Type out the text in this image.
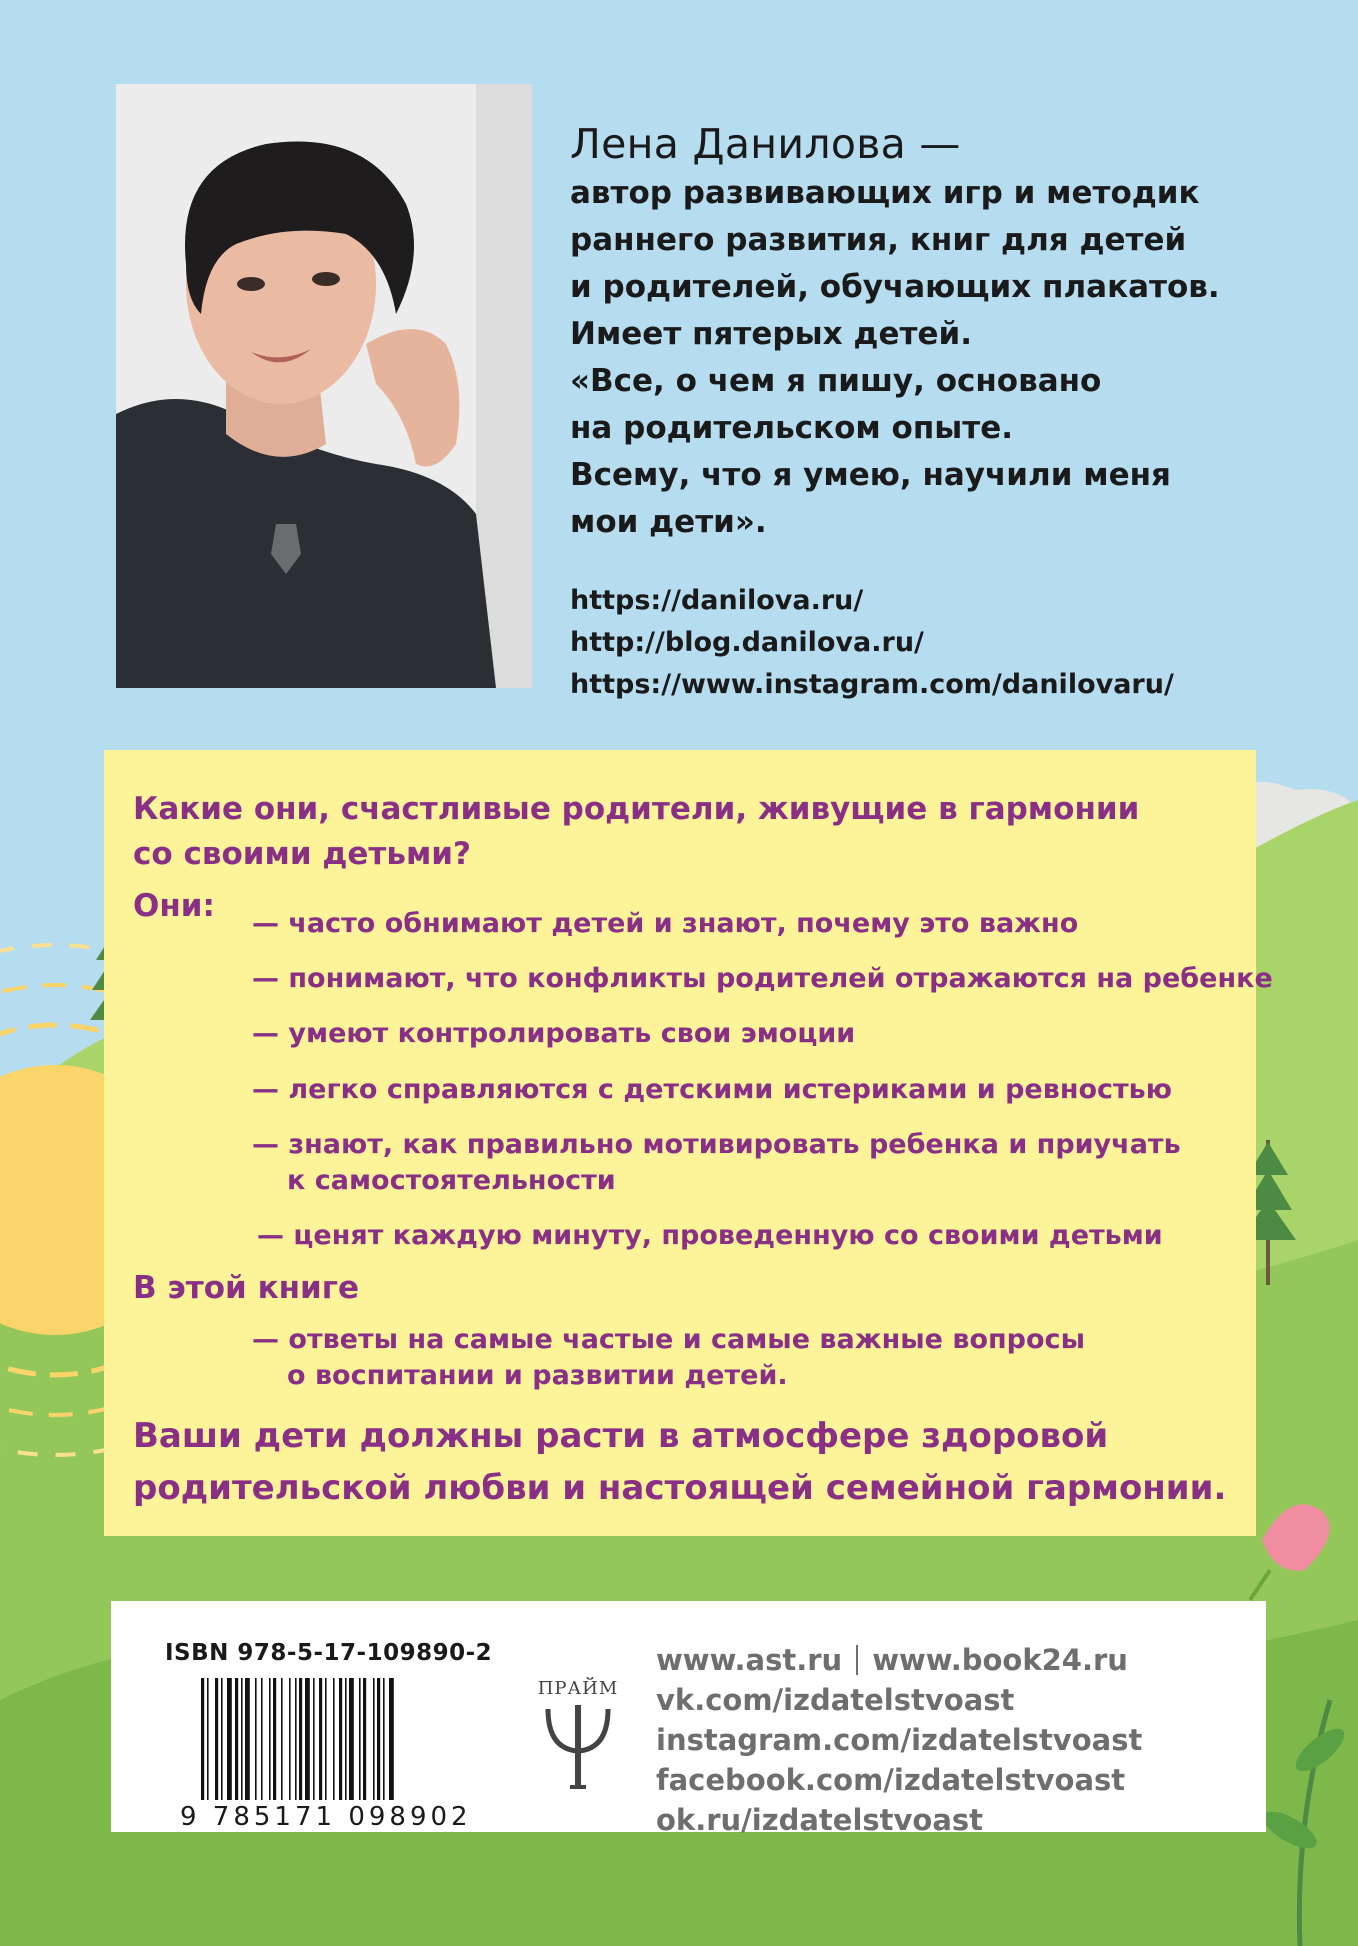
Лена Данилова —
автор развивающих игр и методик
раннего развития, книг для детей
и родителей, обучающих плакатов.
Имеет пятерых детей.
«Все, о чем я пишу, основано
на родительском опыте.
Всему, что я умею, научили меня
мои дети».
https://danilova.ru/
http://blog.danilova.ru/
https://www.instagram.com/danilovaru/
Какие они, счастливые родители, живущие в гармонии
со своими детьми?
Они: — часто обнимают детей и знают, почему это важно
— понимают, что конфликты родителей отражаются на ребенке
— умеют контролировать свои эмоции
— легко справляются с детскими истериками и ревностью
— знают, как правильно мотивировать ребенка и приучать
к самостоятельности
— ценят каждую минуту, проведенную со своими детьми
В этой книге
— ответы на самые частые и самые важные вопросы
о воспитании и развитии детей.
Ваши дети должны расти в атмосфере здоровой
родительской любви и настоящей семейной гармонии.
ISBN 978-5-17-109890-2
9 785171 098902
ПРАЙМ
www.ast.ru www.book24.ru
vk.com/izdatelstvoast
instagram.com/izdatelstvoast
facebook.com/izdatelstvoast
ok.ru/izdatelstvoast
